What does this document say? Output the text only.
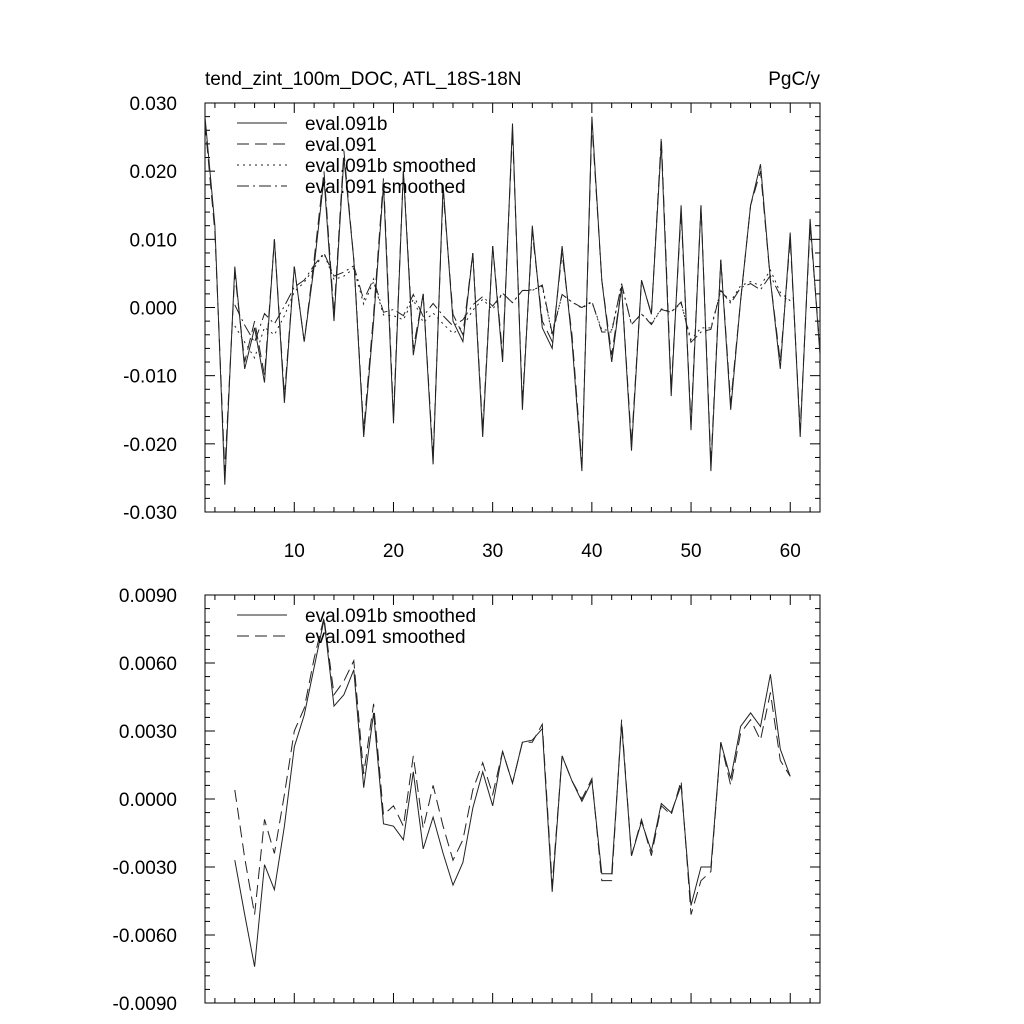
tend_zint_100m_DOC, ATL_18S-18N	PgC/y
-0.030
-0.020
-0.010
0.000
0.010
0.020
0.030
10	20	30	40	50	60
eval.091b
eval.091
eval.091b smoothed
eval.091 smoothed
-0.0090
-0.0060
-0.0030
0.0000
0.0030
0.0060
0.0090
eval.091b smoothed
eval.091 smoothed
